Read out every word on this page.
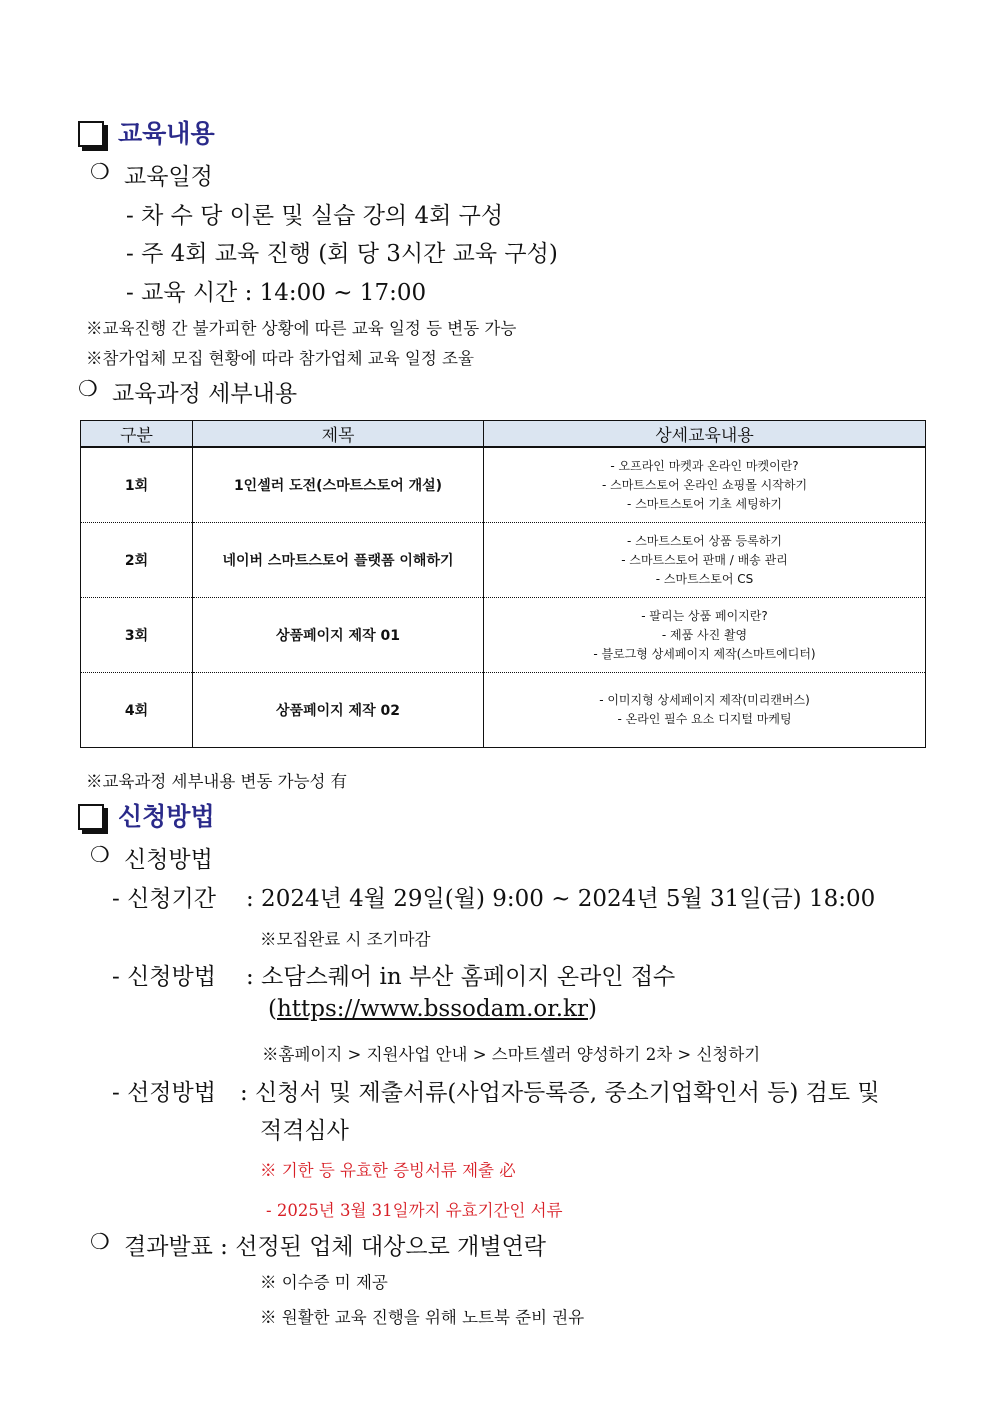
교육내용
❍ 교육일정
- 차 수 당 이론 및 실습 강의 4회 구성
- 주 4회 교육 진행 (회 당 3시간 교육 구성)
- 교육 시간 : 14:00 ~ 17:00
※교육진행 간 불가피한 상황에 따른 교육 일정 등 변동 가능
※참가업체 모집 현황에 따라 참가업체 교육 일정 조율
❍ 교육과정 세부내용
구분	제목	상세교육내용
1회	1인셀러 도전(스마트스토어 개설)	- 오프라인 마켓과 온라인 마켓이란?
- 스마트스토어 온라인 쇼핑몰 시작하기
- 스마트스토어 기초 세팅하기

2회	네이버 스마트스토어 플랫폼 이해하기	- 스마트스토어 상품 등록하기
- 스마트스토어 판매 / 배송 관리
- 스마트스토어 CS

3회	상품페이지 제작 01	- 팔리는 상품 페이지란?
- 제품 사진 촬영
- 블로그형 상세페이지 제작(스마트에디터)

4회	상품페이지 제작 02	- 이미지형 상세페이지 제작(미리캔버스)
- 온라인 필수 요소 디지털 마케팅
※교육과정 세부내용 변동 가능성 有
신청방법
❍ 신청방법
- 신청기간 : 2024년 4월 29일(월) 9:00 ~ 2024년 5월 31일(금) 18:00
※모집완료 시 조기마감
- 신청방법 : 소담스퀘어 in 부산 홈페이지 온라인 접수
(https://www.bssodam.or.kr)
※홈페이지 > 지원사업 안내 > 스마트셀러 양성하기 2차 > 신청하기
- 선정방법 : 신청서 및 제출서류(사업자등록증, 중소기업확인서 등) 검토 및
적격심사
※ 기한 등 유효한 증빙서류 제출 必
- 2025년 3월 31일까지 유효기간인 서류
❍ 결과발표 : 선정된 업체 대상으로 개별연락
※ 이수증 미 제공
※ 원활한 교육 진행을 위해 노트북 준비 권유
